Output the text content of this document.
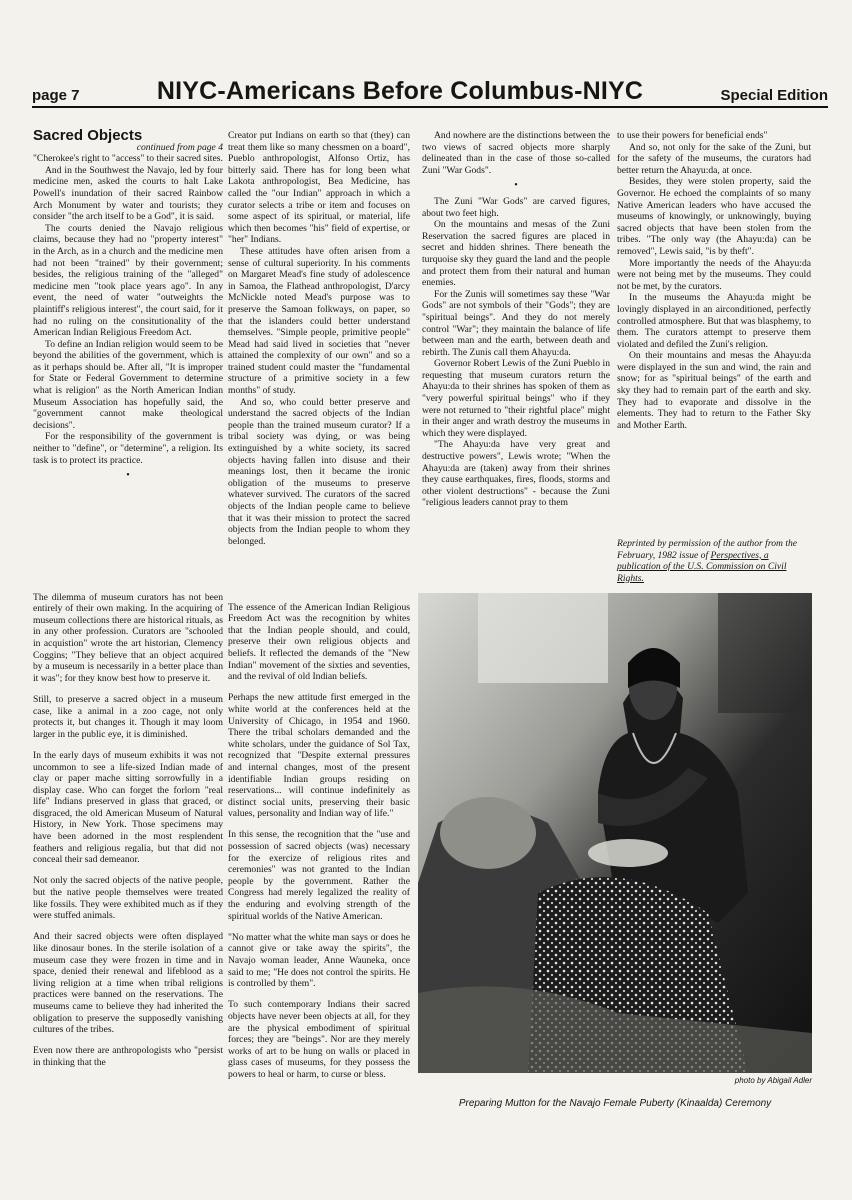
page 7	NIYC-Americans Before Columbus-NIYC	Special Edition

Sacred Objects

continued from page 4

"Cherokee's right to "access" to their sacred sites.

And in the Southwest the Navajo, led by four medicine men, asked the courts to halt Lake Powell's inundation of their sacred Rainbow Arch Monument by water and tourists; they consider "the arch itself to be a God", it is said.

The courts denied the Navajo religious claims, because they had no "property interest" in the Arch, as in a church and the medicine men had not been "trained" by their government; besides, the religious training of the "alleged" medicine men "took place years ago". In any event, the need of water "outweights the plaintiff's religious interest", the court said, for it had no ruling on the consitutionality of the American Indian Religious Freedom Act.

To define an Indian religion would seem to be beyond the abilities of the government, which is as it perhaps should be. After all, "It is improper for State or Federal Government to determine what is religion" as the North American Indian Museum Association has hopefully said, the "government cannot make theological decisions".

For the responsibility of the government is neither to "define", or "determine", a religion. Its task is to protect its practice.

•

The dilemma of museum curators has not been entirely of their own making. In the acquiring of museum collections there are historical rituals, as in any other profession. Curators are "schooled in acquistion" wrote the art historian, Clemency Coggins; "They believe that an object acquired by a museum is necessarily in a better place than it was"; for they know best how to preserve it.

Still, to preserve a sacred object in a museum case, like a animal in a zoo cage, not only protects it, but changes it. Though it may loom larger in the public eye, it is diminished.

In the early days of museum exhibits it was not uncommon to see a life-sized Indian made of clay or paper mache sitting sorrowfully in a display case. Who can forget the forlorn "real life" Indians preserved in glass that graced, or disgraced, the old American Museum of Natural History, in New York. Those specimens may have been adorned in the most resplendent feathers and religious regalia, but that did not conceal their sad demeanor.

Not only the sacred objects of the native people, but the native people themselves were treated like fossils. They were exhibited much as if they were stuffed animals.

And their sacred objects were often displayed like dinosaur bones. In the sterile isolation of a museum case they were frozen in time and in space, denied their renewal and lifeblood as a living religion at a time when tribal religions practices were banned on the reservations. The museums came to believe they had inherited the obligation to preserve the supposedly vanishing cultures of the tribes.

Even now there are anthropologists who "persist in thinking that the

Creator put Indians on earth so that (they) can treat them like so many chessmen on a board", Pueblo anthropologist, Alfonso Ortiz, has bitterly said. There has for long been what Lakota anthropologist, Bea Medicine, has called the "our Indian" approach in which a curator selects a tribe or item and focuses on some aspect of its spiritual, or material, life which then becomes "his" field of expertise, or "her" Indians.

These attitudes have often arisen from a sense of cultural superiority. In his comments on Margaret Mead's fine study of adolescence in Samoa, the Flathead anthropologist, D'arcy McNickle noted Mead's purpose was to preserve the Samoan folkways, on paper, so that the islanders could better understand themselves. "Simple people, primitive people" Mead had said lived in societies that "never attained the complexity of our own" and so a trained student could master the "fundamental structure of a primitive society in a few months" of study.

And so, who could better preserve and understand the sacred objects of the Indian people than the trained museum curator? If a tribal society was dying, or was being extinguished by a white society, its sacred objects having fallen into disuse and their meanings lost, then it became the ironic obligation of the museums to preserve whatever survived. The curators of the sacred objects of the Indian people came to believe that it was their mission to protect the sacred objects from the Indian people to whom they belonged.

The essence of the American Indian Religious Freedom Act was the recognition by whites that the Indian people should, and could, preserve their own religious objects and beliefs. It reflected the demands of the "New Indian" movement of the sixties and seventies, and the revival of old Indian beliefs.

Perhaps the new attitude first emerged in the white world at the conferences held at the University of Chicago, in 1954 and 1960. There the tribal scholars demanded and the white scholars, under the guidance of Sol Tax, recognized that "Despite external pressures and internal changes, most of the present identifiable Indian groups residing on reservations... will continue indefinitely as distinct social units, preserving their basic values, personality and Indian way of life."

In this sense, the recognition that the "use and possession of sacred objects (was) necessary for the exercize of religious rites and ceremonies" was not granted to the Indian people by the government. Rather the Congress had merely legalized the reality of the enduring and evolving strength of the spiritual worlds of the Native American.

"No matter what the white man says or does he cannot give or take away the spirits", the Navajo woman leader, Anne Wauneka, once said to me; "He does not control the spirits. He is controlled by them".

To such contemporary Indians their sacred objects have never been objects at all, for they are the physical embodiment of spiritual forces; they are "beings". Nor are they merely works of art to be hung on walls or placed in glass cases of museums, for they possess the powers to heal or harm, to curse or bless.

And nowhere are the distinctions between the two views of sacred objects more sharply delineated than in the case of those so-called Zuni "War Gods".

•

The Zuni "War Gods" are carved figures, about two feet high.

On the mountains and mesas of the Zuni Reservation the sacred figures are placed in secret and hidden shrines. There beneath the turquoise sky they guard the land and the people and protect them from their natural and human enemies.

For the Zunis will sometimes say these "War Gods" are not symbols of their "Gods"; they are "spiritual beings". And they do not merely control "War"; they maintain the balance of life between man and the earth, between death and rebirth. The Zunis call them Ahayu:da.

Governor Robert Lewis of the Zuni Pueblo in requesting that museum curators return the Ahayu:da to their shrines has spoken of them as "very powerful spiritual beings" who if they were not returned to "their rightful place" might in their anger and wrath destroy the museums in which they were displayed.

"The Ahayu:da have very great and destructive powers", Lewis wrote; "When the Ahayu:da are (taken) away from their shrines they cause earthquakes, fires, floods, storms and other violent destructions" - because the Zuni "religious leaders cannot pray to them

to use their powers for beneficial ends"

And so, not only for the sake of the Zuni, but for the safety of the museums, the curators had better return the Ahayu:da, at once.

Besides, they were stolen property, said the Governor. He echoed the complaints of so many Native American leaders who have accused the museums of knowingly, or unknowingly, buying sacred objects that have been stolen from the tribes. "The only way (the Ahayu:da) can be removed", Lewis said, "is by theft".

More importantly the needs of the Ahayu:da were not being met by the museums. They could not be met, by the curators.

In the museums the Ahayu:da might be lovingly displayed in an airconditioned, perfectly controlled atmosphere. But that was blasphemy, to them. The curators attempt to preserve them violated and defiled the Zuni's religion.

On their mountains and mesas the Ahayu:da were displayed in the sun and wind, the rain and snow; for as "spiritual beings" of the earth and sky they had to remain part of the earth and sky. They had to evaporate and dissolve in the elements. They had to return to the Father Sky and Mother Earth.

Reprinted by permission of the author from the February, 1982 issue of Perspectives, a publication of the U.S. Commission on Civil Rights.
photo by Abigail Adler
Preparing Mutton for the Navajo Female Puberty (Kinaalda) Ceremony
